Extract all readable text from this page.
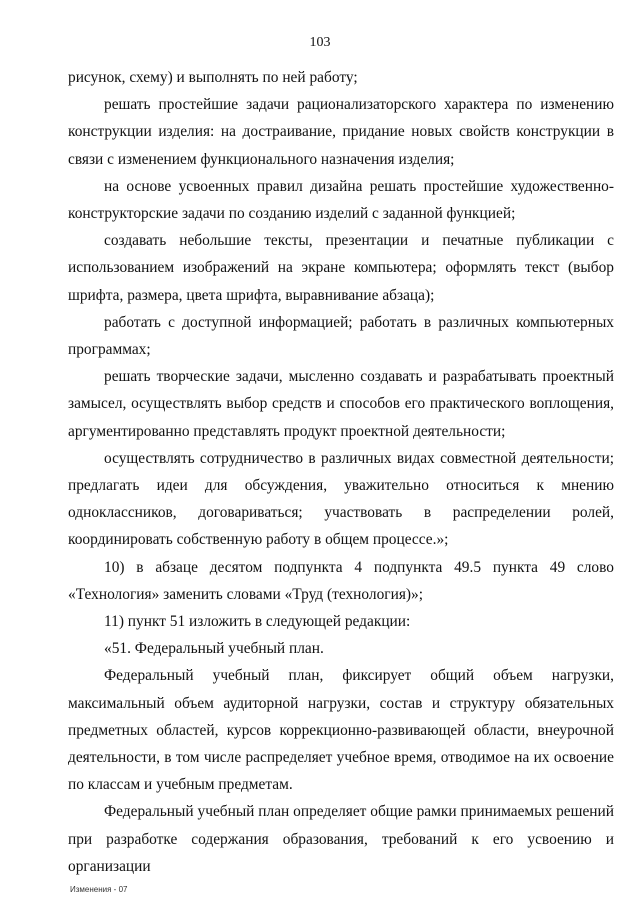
103

рисунок, схему) и выполнять по ней работу;

решать простейшие задачи рационализаторского характера по изменению конструкции изделия: на достраивание, придание новых свойств конструкции в связи с изменением функционального назначения изделия;

на основе усвоенных правил дизайна решать простейшие художественно-конструкторские задачи по созданию изделий с заданной функцией;

создавать небольшие тексты, презентации и печатные публикации с использованием изображений на экране компьютера; оформлять текст (выбор шрифта, размера, цвета шрифта, выравнивание абзаца);

работать с доступной информацией; работать в различных компьютерных программах;

решать творческие задачи, мысленно создавать и разрабатывать проектный замысел, осуществлять выбор средств и способов его практического воплощения, аргументированно представлять продукт проектной деятельности;

осуществлять сотрудничество в различных видах совместной деятельности; предлагать идеи для обсуждения, уважительно относиться к мнению одноклассников, договариваться; участвовать в распределении ролей, координировать собственную работу в общем процессе.»;

10) в абзаце десятом подпункта 4 подпункта 49.5 пункта 49 слово «Технология» заменить словами «Труд (технология)»;

11) пункт 51 изложить в следующей редакции:

«51. Федеральный учебный план.

Федеральный учебный план, фиксирует общий объем нагрузки, максимальный объем аудиторной нагрузки, состав и структуру обязательных предметных областей, курсов коррекционно-развивающей области, внеурочной деятельности, в том числе распределяет учебное время, отводимое на их освоение по классам и учебным предметам.

Федеральный учебный план определяет общие рамки принимаемых решений при разработке содержания образования, требований к его усвоению и организации

Изменения - 07
